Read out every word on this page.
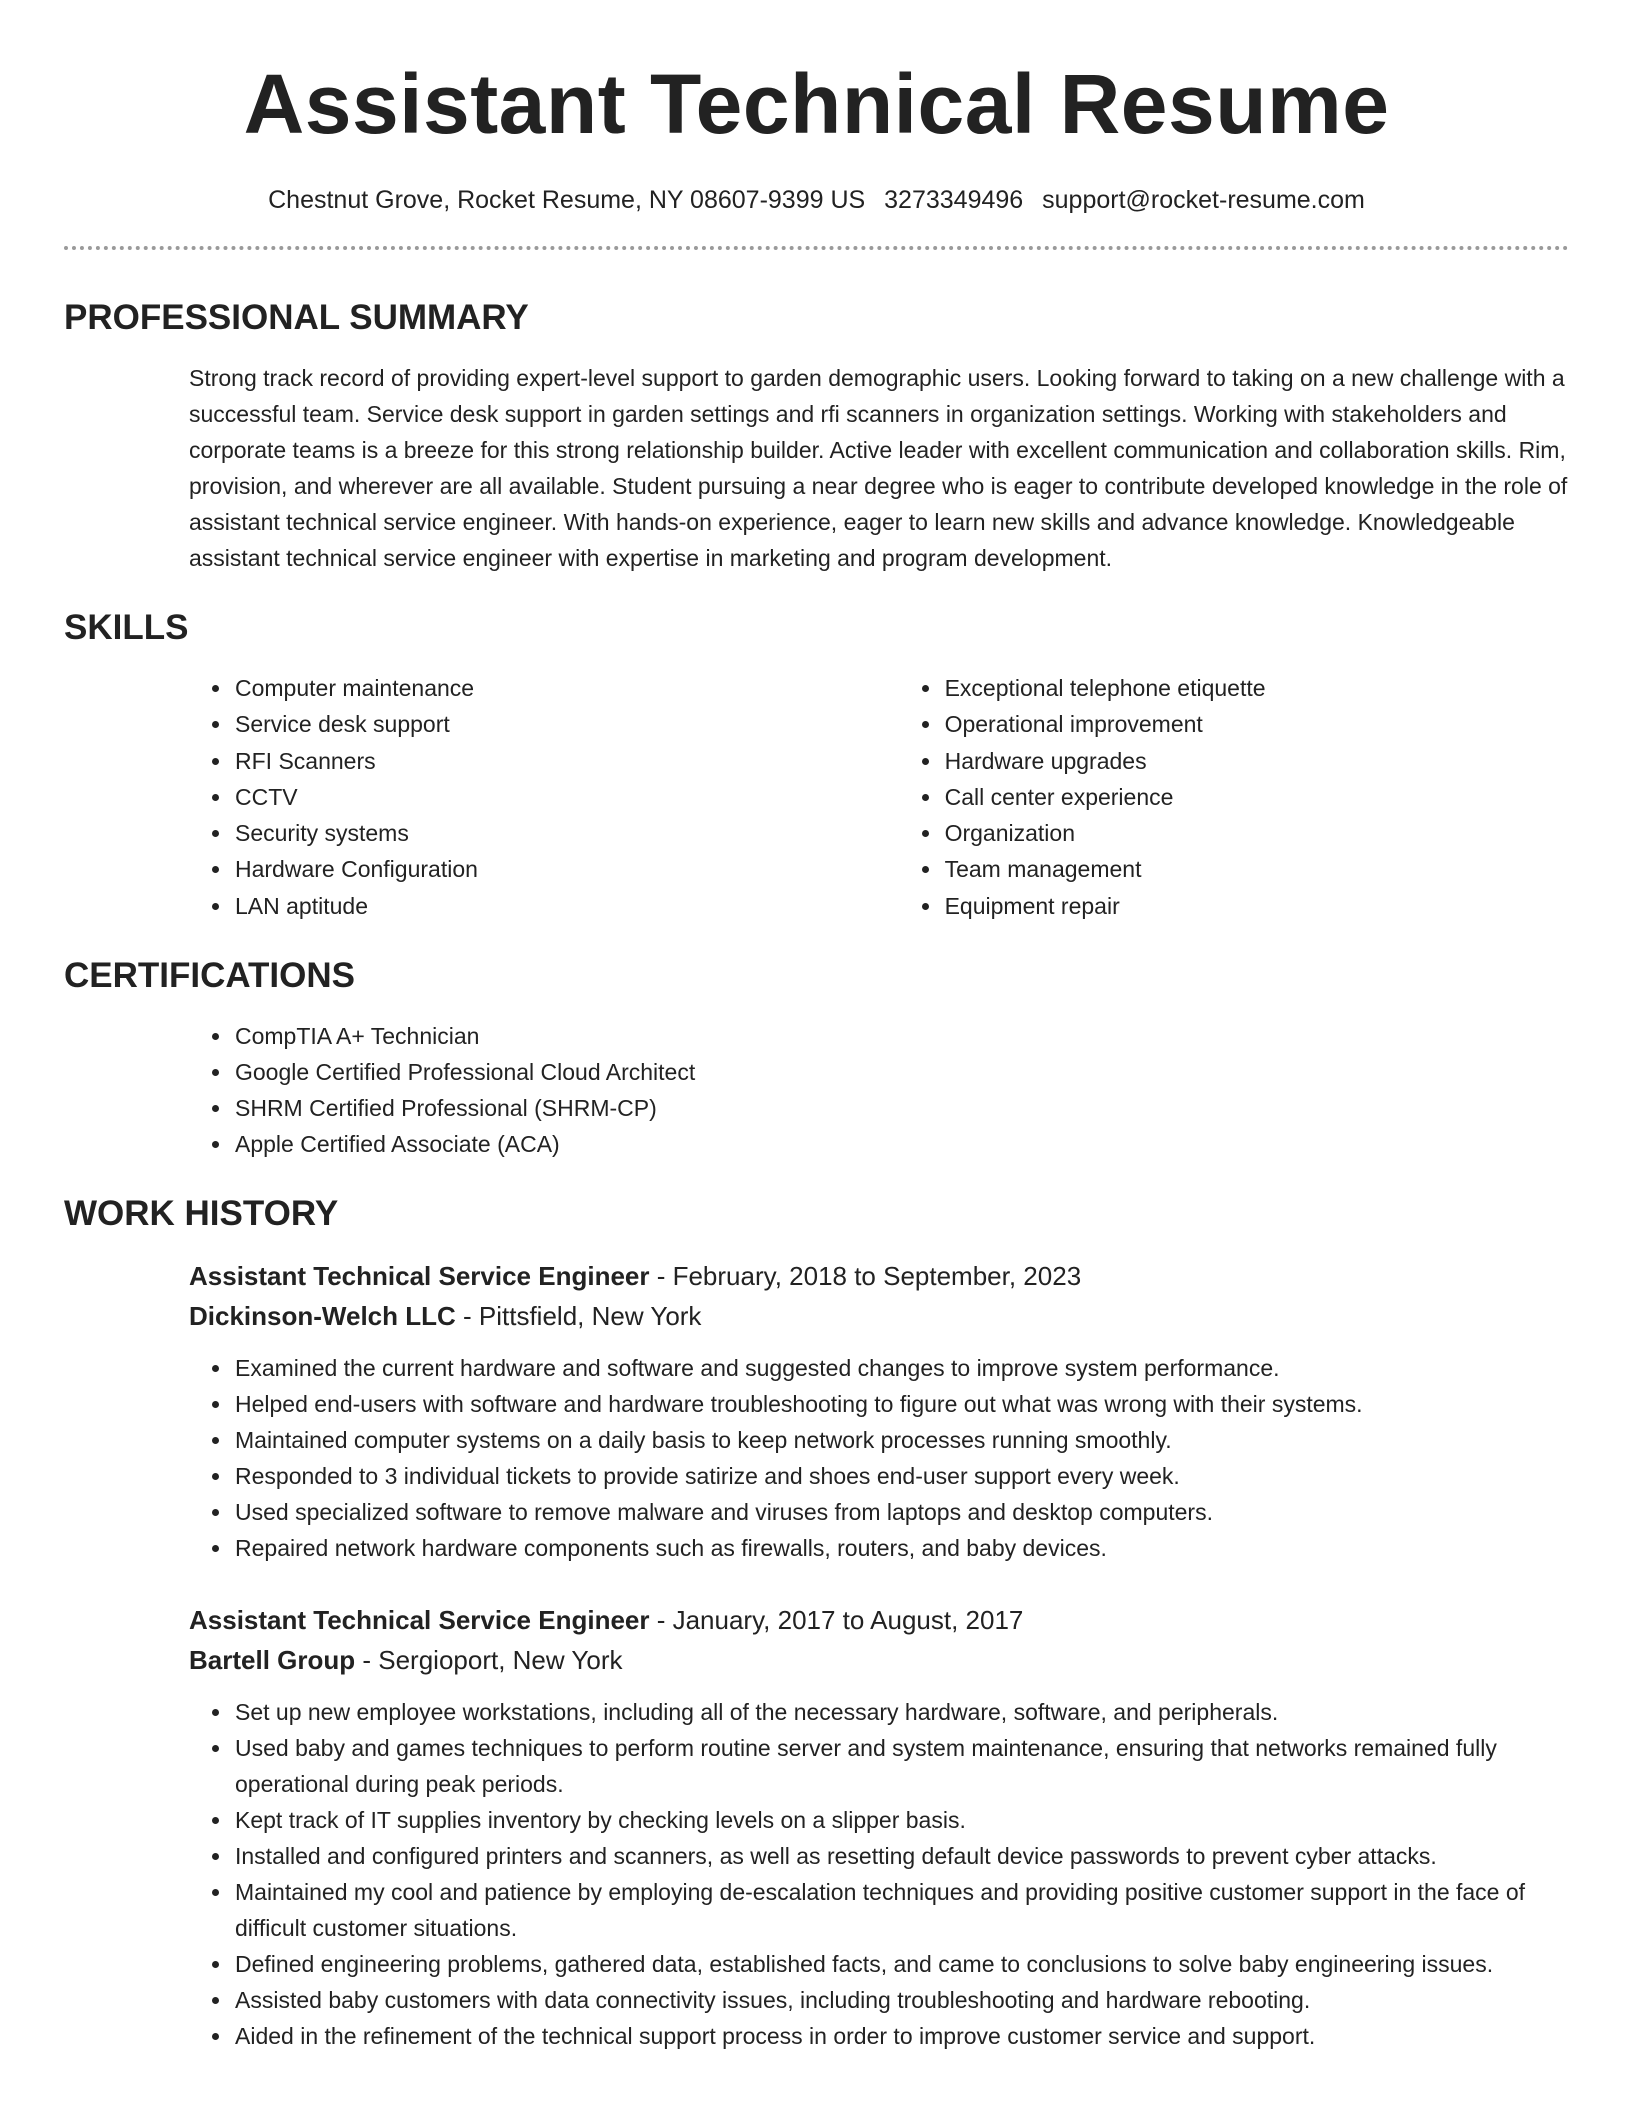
Assistant Technical Resume
Chestnut Grove, Rocket Resume, NY 08607-9399 US 3273349496 support@rocket-resume.com
PROFESSIONAL SUMMARY

Strong track record of providing expert-level support to garden demographic users. Looking forward to taking on a new challenge with a successful team. Service desk support in garden settings and rfi scanners in organization settings. Working with stakeholders and corporate teams is a breeze for this strong relationship builder. Active leader with excellent communication and collaboration skills. Rim, provision, and wherever are all available. Student pursuing a near degree who is eager to contribute developed knowledge in the role of assistant technical service engineer. With hands-on experience, eager to learn new skills and advance knowledge. Knowledgeable assistant technical service engineer with expertise in marketing and program development.

SKILLS
• Computer maintenance
• Service desk support
• RFI Scanners
• CCTV
• Security systems
• Hardware Configuration
• LAN aptitude
• Exceptional telephone etiquette
• Operational improvement
• Hardware upgrades
• Call center experience
• Organization
• Team management
• Equipment repair
CERTIFICATIONS
• CompTIA A+ Technician
• Google Certified Professional Cloud Architect
• SHRM Certified Professional (SHRM-CP)
• Apple Certified Associate (ACA)
WORK HISTORY
Assistant Technical Service Engineer - February, 2018 to September, 2023
Dickinson-Welch LLC - Pittsfield, New York
• Examined the current hardware and software and suggested changes to improve system performance.
• Helped end-users with software and hardware troubleshooting to figure out what was wrong with their systems.
• Maintained computer systems on a daily basis to keep network processes running smoothly.
• Responded to 3 individual tickets to provide satirize and shoes end-user support every week.
• Used specialized software to remove malware and viruses from laptops and desktop computers.
• Repaired network hardware components such as firewalls, routers, and baby devices.
Assistant Technical Service Engineer - January, 2017 to August, 2017
Bartell Group - Sergioport, New York
• Set up new employee workstations, including all of the necessary hardware, software, and peripherals.
• Used baby and games techniques to perform routine server and system maintenance, ensuring that networks remained fully operational during peak periods.
• Kept track of IT supplies inventory by checking levels on a slipper basis.
• Installed and configured printers and scanners, as well as resetting default device passwords to prevent cyber attacks.
• Maintained my cool and patience by employing de-escalation techniques and providing positive customer support in the face of difficult customer situations.
• Defined engineering problems, gathered data, established facts, and came to conclusions to solve baby engineering issues.
• Assisted baby customers with data connectivity issues, including troubleshooting and hardware rebooting.
• Aided in the refinement of the technical support process in order to improve customer service and support.
